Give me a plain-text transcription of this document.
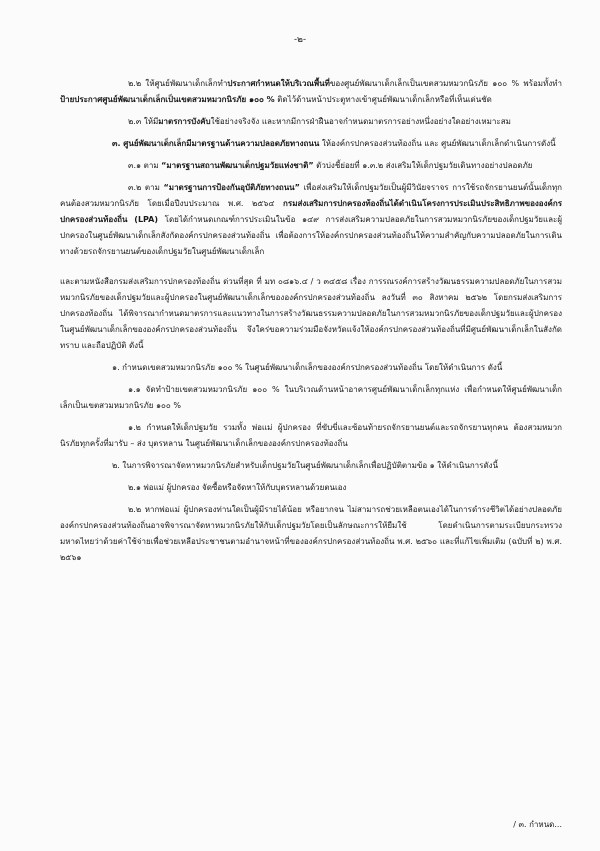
-๒-

๒.๒ ให้ศูนย์พัฒนาเด็กเล็กทำประกาศกำหนดให้บริเวณพื้นที่ของศูนย์พัฒนาเด็กเล็กเป็นเขตสวมหมวกนิรภัย ๑๐๐ % พร้อมทั้งทำป้ายประกาศศูนย์พัฒนาเด็กเล็กเป็นเขตสวมหมวกนิรภัย ๑๐๐ % ติดไว้ด้านหน้าประตูทางเข้าศูนย์พัฒนาเด็กเล็กหรือที่เห็นเด่นชัด

๒.๓ ให้มีมาตรการบังคับใช้อย่างจริงจัง และหากมีการฝ่าฝืนอาจกำหนดมาตรการอย่างหนึ่งอย่างใดอย่างเหมาะสม

๓. ศูนย์พัฒนาเด็กเล็กมีมาตรฐานด้านความปลอดภัยทางถนน ให้องค์กรปกครองส่วนท้องถิ่น และ ศูนย์พัฒนาเด็กเล็กดำเนินการดังนี้

๓.๑ ตาม “มาตรฐานสถานพัฒนาเด็กปฐมวัยแห่งชาติ” ตัวบ่งชี้ย่อยที่ ๑.๓.๒ ส่งเสริมให้เด็กปฐมวัยเดินทางอย่างปลอดภัย

๓.๒ ตาม “มาตรฐานการป้องกันอุบัติภัยทางถนน” เพื่อส่งเสริมให้เด็กปฐมวัยเป็นผู้มีวินัยจราจร การใช้รถจักรยานยนต์นั้นเด็กทุกคนต้องสวมหมวกนิรภัย โดยเมื่อปีงบประมาณ พ.ศ. ๒๕๖๔ กรมส่งเสริมการปกครองท้องถิ่นได้ดำเนินโครงการประเมินประสิทธิภาพขององค์กรปกครองส่วนท้องถิ่น (LPA) โดยได้กำหนดเกณฑ์การประเมินในข้อ ๑๔๙ การส่งเสริมความปลอดภัยในการสวมหมวกนิรภัยของเด็กปฐมวัยและผู้ปกครองในศูนย์พัฒนาเด็กเล็กสังกัดองค์กรปกครองส่วนท้องถิ่น เพื่อต้องการให้องค์กรปกครองส่วนท้องถิ่นให้ความสำคัญกับความปลอดภัยในการเดินทางด้วยรถจักรยานยนต์ของเด็กปฐมวัยในศูนย์พัฒนาเด็กเล็ก

และตามหนังสือกรมส่งเสริมการปกครองท้องถิ่น ด่วนที่สุด ที่ มท ๐๘๑๖.๔ / ว ๓๔๕๘ เรื่อง การรณรงค์การสร้างวัฒนธรรมความปลอดภัยในการสวมหมวกนิรภัยของเด็กปฐมวัยและผู้ปกครองในศูนย์พัฒนาเด็กเล็กขององค์กรปกครองส่วนท้องถิ่น ลงวันที่ ๓๐ สิงหาคม ๒๕๖๒ โดยกรมส่งเสริมการปกครองท้องถิ่น ได้พิจารณากำหนดมาตรการและแนวทางในการสร้างวัฒนธรรมความปลอดภัยในการสวมหมวกนิรภัยของเด็กปฐมวัยและผู้ปกครองในศูนย์พัฒนาเด็กเล็กขององค์กรปกครองส่วนท้องถิ่น จึงใคร่ขอความร่วมมือจังหวัดแจ้งให้องค์กรปกครองส่วนท้องถิ่นที่มีศูนย์พัฒนาเด็กเล็กในสังกัดทราบ และถือปฏิบัติ ดังนี้

๑. กำหนดเขตสวมหมวกนิรภัย ๑๐๐ % ในศูนย์พัฒนาเด็กเล็กขององค์กรปกครองส่วนท้องถิ่น โดยให้ดำเนินการ ดังนี้

๑.๑ จัดทำป้ายเขตสวมหมวกนิรภัย ๑๐๐ % ในบริเวณด้านหน้าอาคารศูนย์พัฒนาเด็กเล็กทุกแห่ง เพื่อกำหนดให้ศูนย์พัฒนาเด็กเล็กเป็นเขตสวมหมวกนิรภัย ๑๐๐ %

๑.๒ กำหนดให้เด็กปฐมวัย รวมทั้ง พ่อแม่ ผู้ปกครอง ที่ขับขี่และซ้อนท้ายรถจักรยานยนต์และรถจักรยานทุกคน ต้องสวมหมวกนิรภัยทุกครั้งที่มารับ – ส่ง บุตรหลาน ในศูนย์พัฒนาเด็กเล็กขององค์กรปกครองท้องถิ่น

๒. ในการพิจารณาจัดหาหมวกนิรภัยสำหรับเด็กปฐมวัยในศูนย์พัฒนาเด็กเล็กเพื่อปฏิบัติตามข้อ ๑ ให้ดำเนินการดังนี้

๒.๑ พ่อแม่ ผู้ปกครอง จัดซื้อหรือจัดหาให้กับบุตรหลานด้วยตนเอง

๒.๒ หากพ่อแม่ ผู้ปกครองท่านใดเป็นผู้มีรายได้น้อย หรือยากจน ไม่สามารถช่วยเหลือตนเองได้ในการดำรงชีวิตได้อย่างปลอดภัย องค์กรปกครองส่วนท้องถิ่นอาจพิจารณาจัดหาหมวกนิรภัยให้กับเด็กปฐมวัยโดยเป็นลักษณะการให้ยืมใช้ โดยดำเนินการตามระเบียบกระทรวงมหาดไทยว่าด้วยค่าใช้จ่ายเพื่อช่วยเหลือประชาชนตามอำนาจหน้าที่ขององค์กรปกครองส่วนท้องถิ่น พ.ศ. ๒๕๖๐ และที่แก้ไขเพิ่มเติม (ฉบับที่ ๒) พ.ศ. ๒๕๖๑

/ ๓. กำหนด...
